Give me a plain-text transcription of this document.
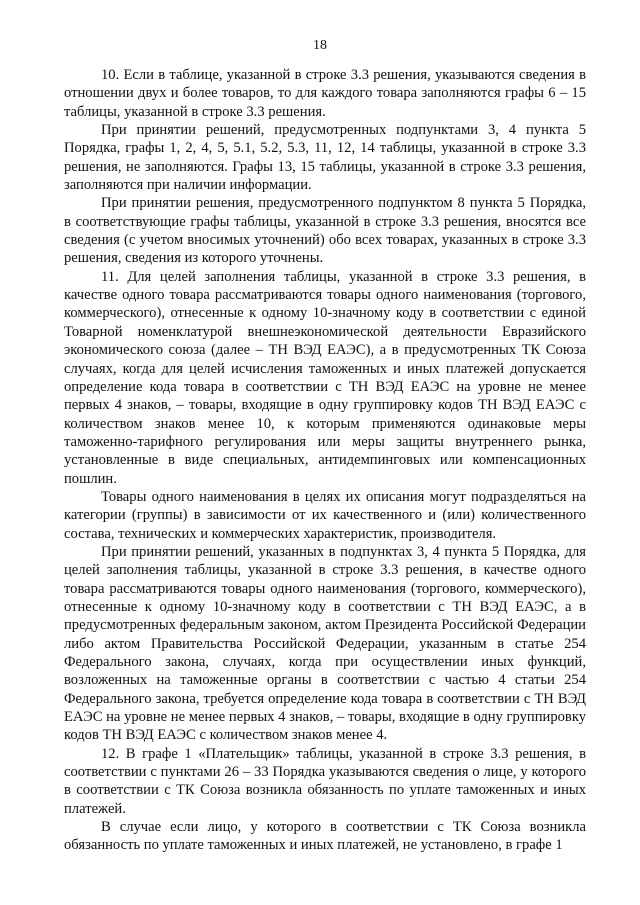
18

10. Если в таблице, указанной в строке 3.3 решения, указываются сведения в отношении двух и более товаров, то для каждого товара заполняются графы 6 – 15 таблицы, указанной в строке 3.3 решения.

При принятии решений, предусмотренных подпунктами 3, 4 пункта 5 Порядка, графы 1, 2, 4, 5, 5.1, 5.2, 5.3, 11, 12, 14 таблицы, указанной в строке 3.3 решения, не заполняются. Графы 13, 15 таблицы, указанной в строке 3.3 решения, заполняются при наличии информации.

При принятии решения, предусмотренного подпунктом 8 пункта 5 Порядка, в соответствующие графы таблицы, указанной в строке 3.3 решения, вносятся все сведения (с учетом вносимых уточнений) обо всех товарах, указанных в строке 3.3 решения, сведения из которого уточнены.

11. Для целей заполнения таблицы, указанной в строке 3.3 решения, в качестве одного товара рассматриваются товары одного наименования (торгового, коммерческого), отнесенные к одному 10-значному коду в соответствии с единой Товарной номенклатурой внешнеэкономической деятельности Евразийского экономического союза (далее – ТН ВЭД ЕАЭС), а в предусмотренных ТК Союза случаях, когда для целей исчисления таможенных и иных платежей допускается определение кода товара в соответствии с ТН ВЭД ЕАЭС на уровне не менее первых 4 знаков, – товары, входящие в одну группировку кодов ТН ВЭД ЕАЭС с количеством знаков менее 10, к которым применяются одинаковые меры таможенно-тарифного регулирования или меры защиты внутреннего рынка, установленные в виде специальных, антидемпинговых или компенсационных пошлин.

Товары одного наименования в целях их описания могут подразделяться на категории (группы) в зависимости от их качественного и (или) количественного состава, технических и коммерческих характеристик, производителя.

При принятии решений, указанных в подпунктах 3, 4 пункта 5 Порядка, для целей заполнения таблицы, указанной в строке 3.3 решения, в качестве одного товара рассматриваются товары одного наименования (торгового, коммерческого), отнесенные к одному 10-значному коду в соответствии с ТН ВЭД ЕАЭС, а в предусмотренных федеральным законом, актом Президента Российской Федерации либо актом Правительства Российской Федерации, указанным в статье 254 Федерального закона, случаях, когда при осуществлении иных функций, возложенных на таможенные органы в соответствии с частью 4 статьи 254 Федерального закона, требуется определение кода товара в соответствии с ТН ВЭД ЕАЭС на уровне не менее первых 4 знаков, – товары, входящие в одну группировку кодов ТН ВЭД ЕАЭС с количеством знаков менее 4.

12. В графе 1 «Плательщик» таблицы, указанной в строке 3.3 решения, в соответствии с пунктами 26 – 33 Порядка указываются сведения о лице, у которого в соответствии с ТК Союза возникла обязанность по уплате таможенных и иных платежей.

В случае если лицо, у которого в соответствии с ТК Союза возникла обязанность по уплате таможенных и иных платежей, не установлено, в графе 1
